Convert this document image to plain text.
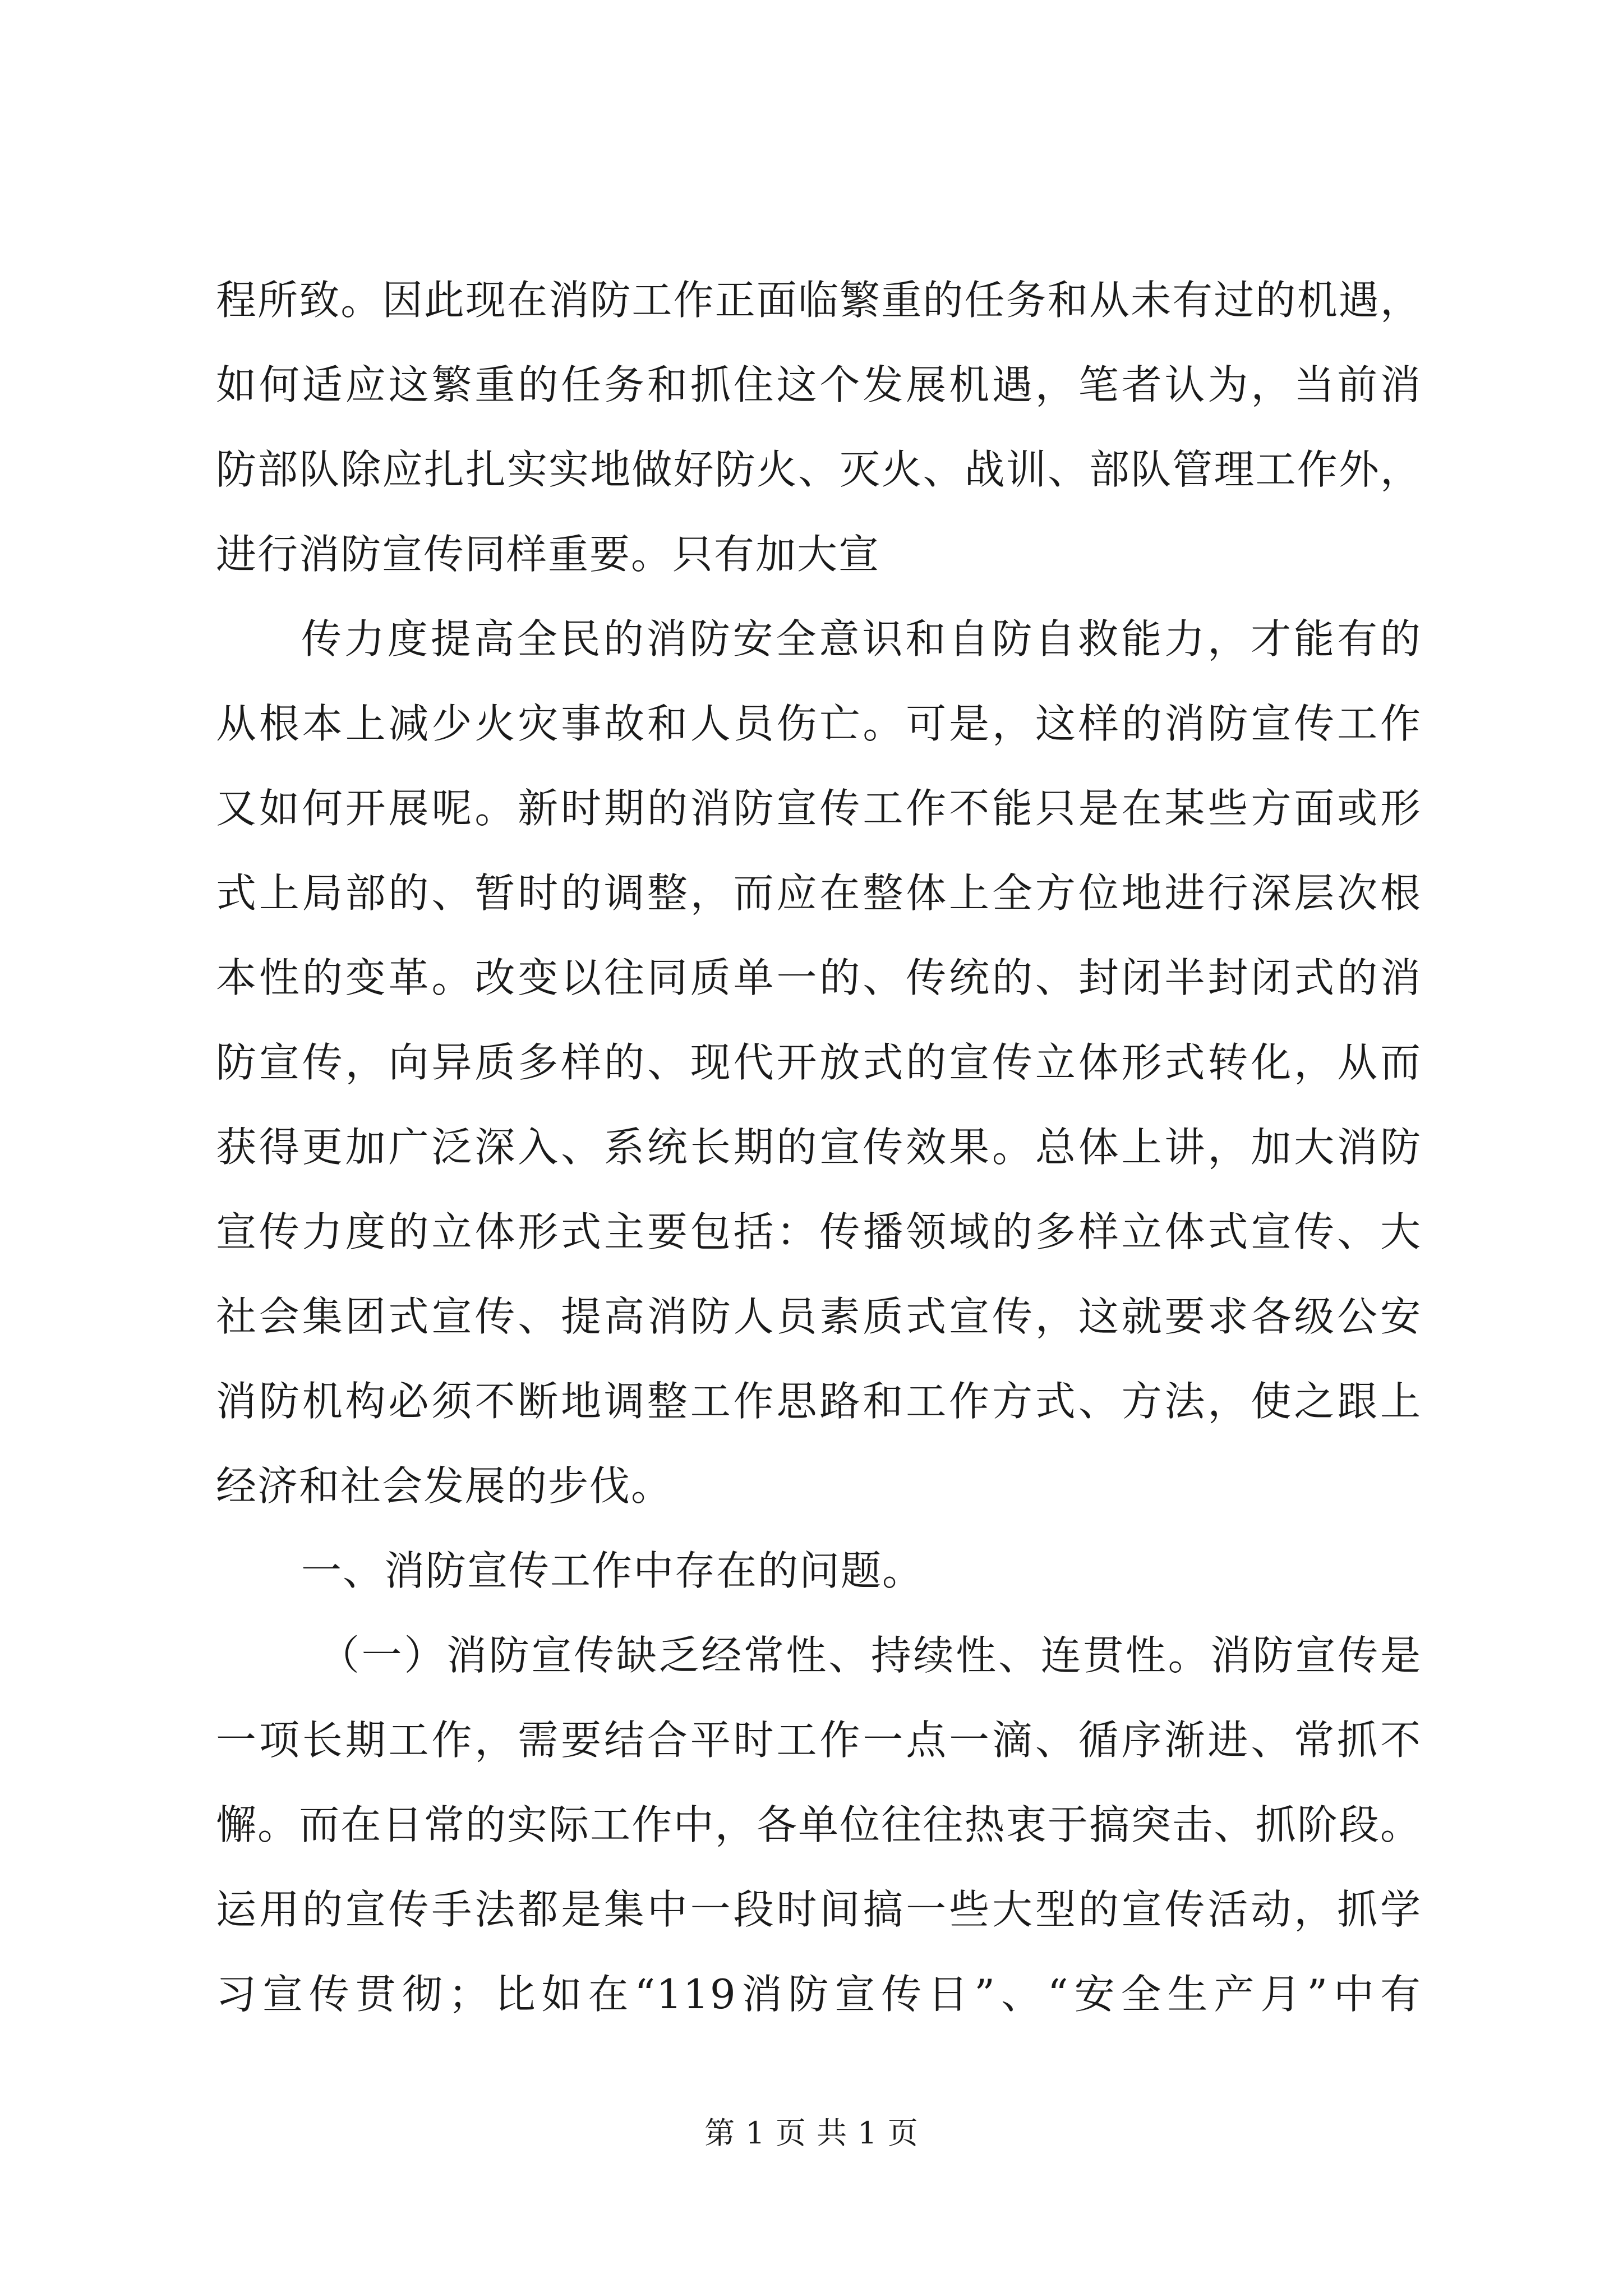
程所致。因此现在消防工作正面临繁重的任务和从未有过的机遇，
如何适应这繁重的任务和抓住这个发展机遇，笔者认为，当前消
防部队除应扎扎实实地做好防火、灭火、战训、部队管理工作外，
进行消防宣传同样重要。只有加大宣
传力度提高全民的消防安全意识和自防自救能力，才能有的
从根本上减少火灾事故和人员伤亡。可是，这样的消防宣传工作
又如何开展呢。新时期的消防宣传工作不能只是在某些方面或形
式上局部的、暂时的调整，而应在整体上全方位地进行深层次根
本性的变革。改变以往同质单一的、传统的、封闭半封闭式的消
防宣传，向异质多样的、现代开放式的宣传立体形式转化，从而
获得更加广泛深入、系统长期的宣传效果。总体上讲，加大消防
宣传力度的立体形式主要包括：传播领域的多样立体式宣传、大
社会集团式宣传、提高消防人员素质式宣传，这就要求各级公安
消防机构必须不断地调整工作思路和工作方式、方法，使之跟上
经济和社会发展的步伐。
一、消防宣传工作中存在的问题。
（一）消防宣传缺乏经常性、持续性、连贯性。消防宣传是
一项长期工作，需要结合平时工作一点一滴、循序渐进、常抓不
懈。而在日常的实际工作中，各单位往往热衷于搞突击、抓阶段。
运用的宣传手法都是集中一段时间搞一些大型的宣传活动，抓学
习宣传贯彻；比如在“119消防宣传日”、“安全生产月”中有
第 1 页 共 1 页
